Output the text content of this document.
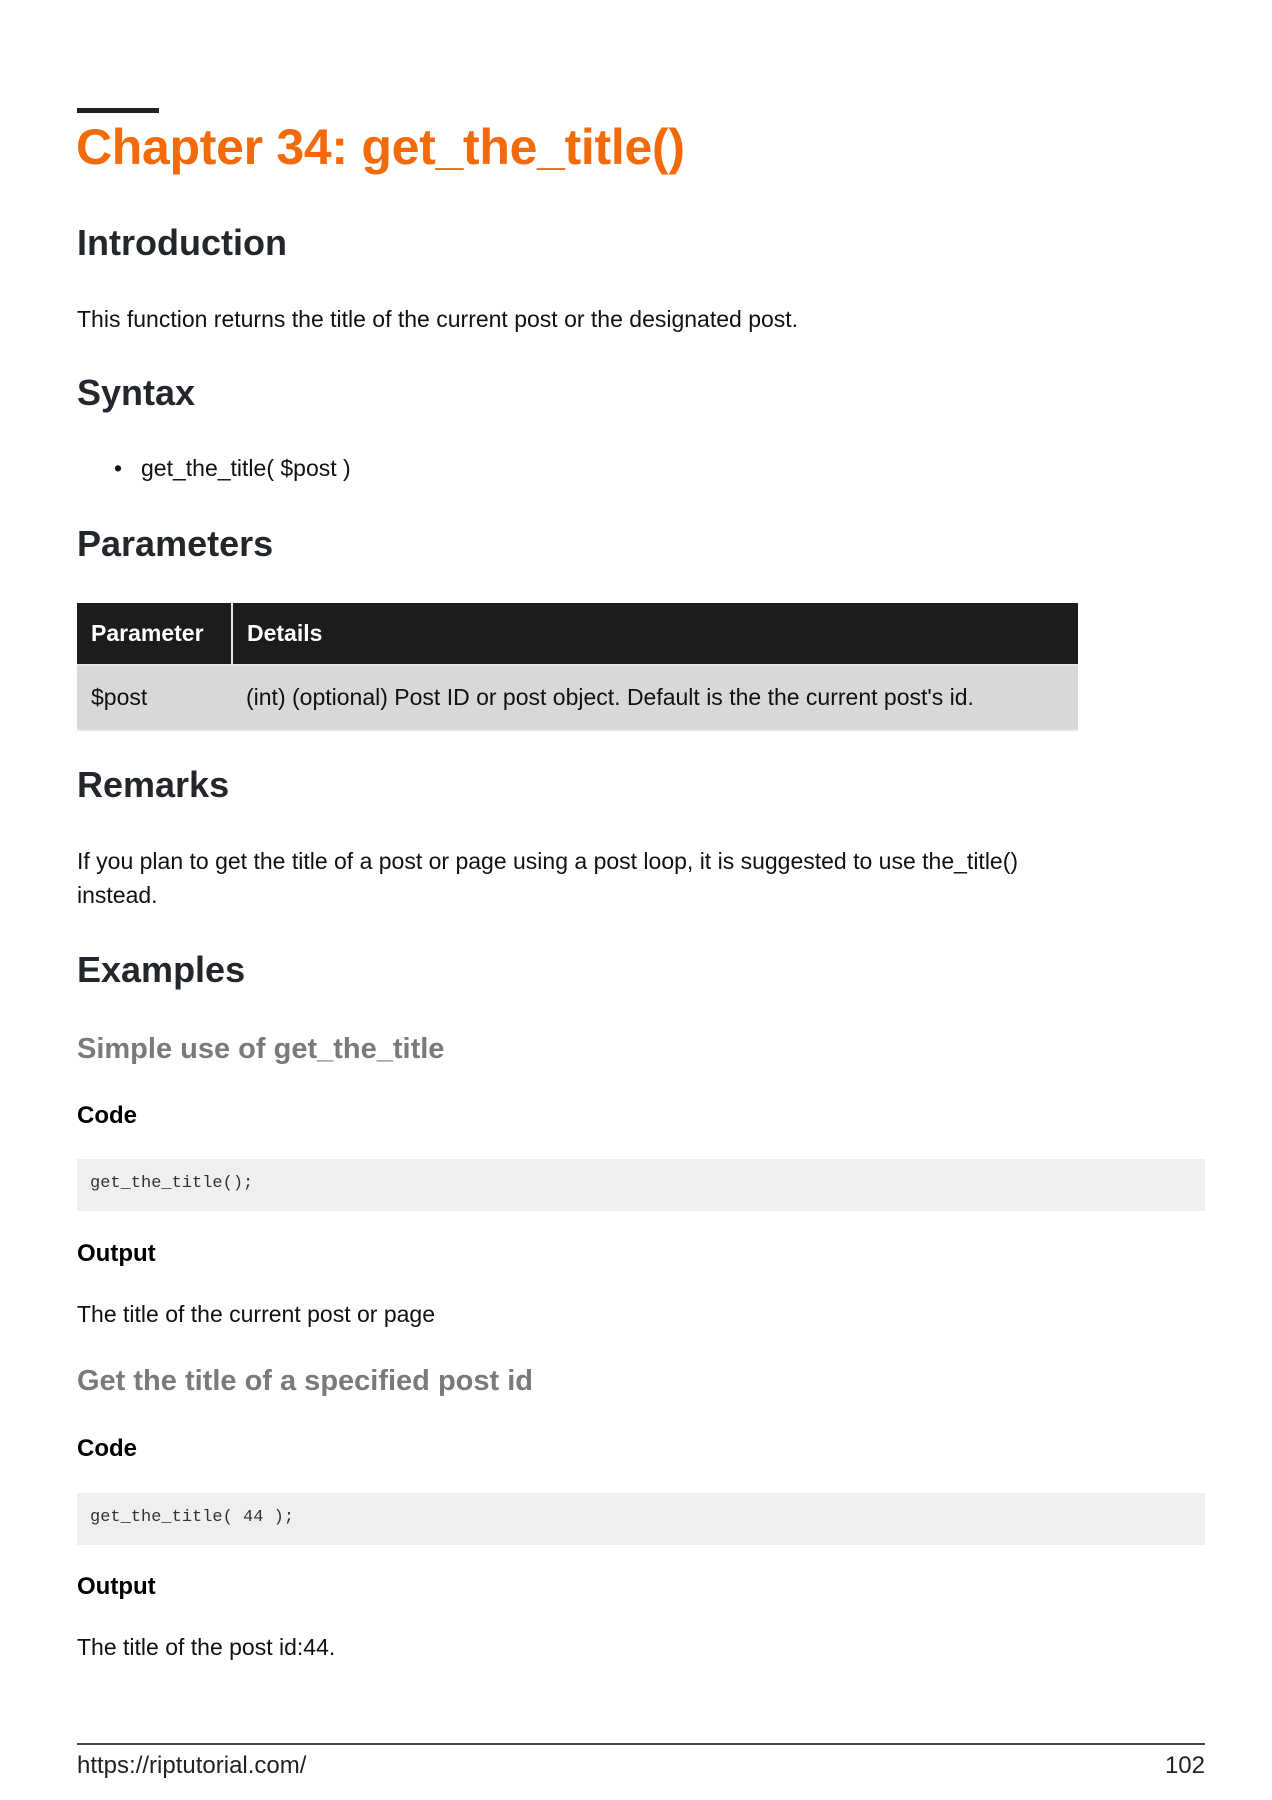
Chapter 34: get_the_title()
Introduction
This function returns the title of the current post or the designated post.
Syntax
• get_the_title( $post )
Parameters
Parameter	Details
$post	(int) (optional) Post ID or post object. Default is the the current post's id.
Remarks
If you plan to get the title of a post or page using a post loop, it is suggested to use the_title()
instead.
Examples
Simple use of get_the_title
Code
get_the_title();
Output
The title of the current post or page
Get the title of a specified post id
Code
get_the_title( 44 );
Output
The title of the post id:44.
https://riptutorial.com/	102
